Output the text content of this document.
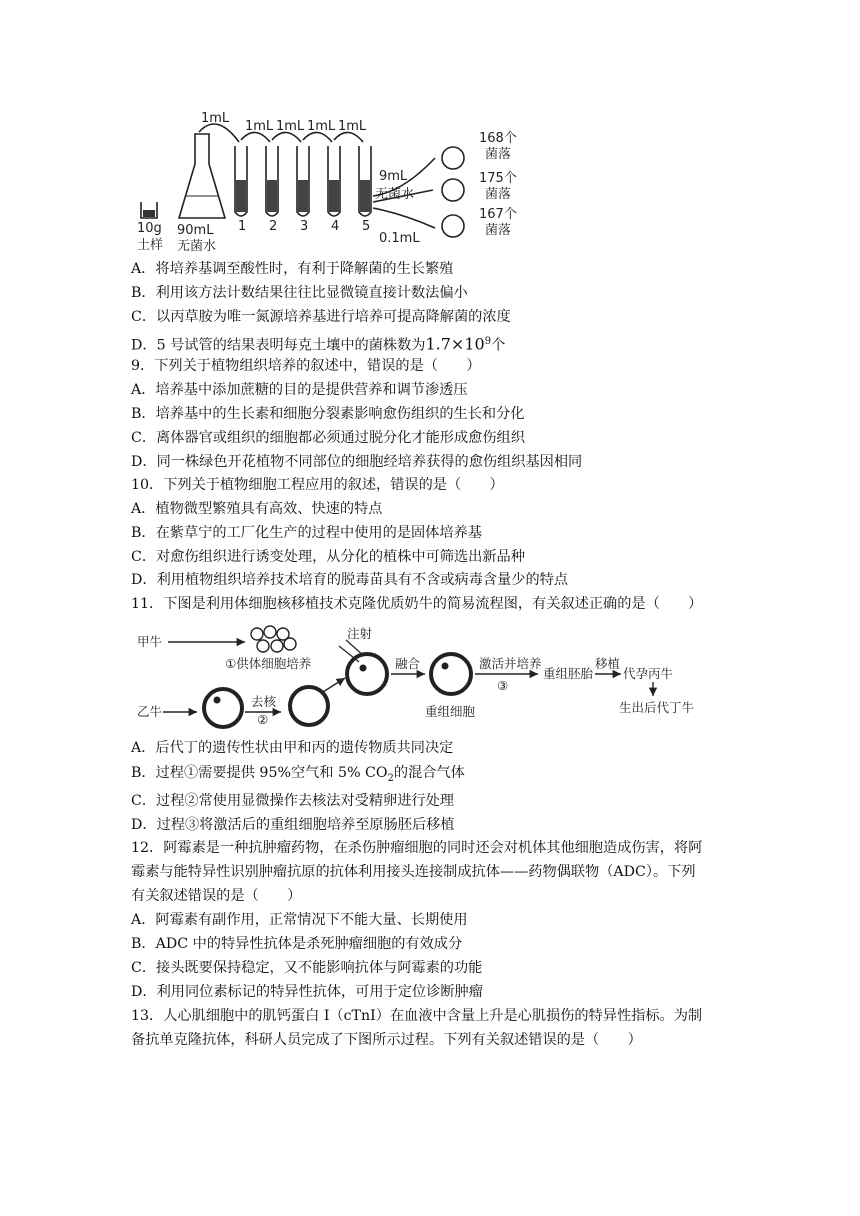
1mL
1mL 1mL 1mL 1mL
10g
土样
90mL
无菌水
1 2 3 4 5
9mL
无菌水
0.1mL
168个
菌落
175个
菌落
167个
菌落
A．将培养基调至酸性时，有利于降解菌的生长繁殖
B．利用该方法计数结果往往比显微镜直接计数法偏小
C．以丙草胺为唯一氮源培养基进行培养可提高降解菌的浓度
D．5 号试管的结果表明每克土壤中的菌株数为$1.7\times 10^9$个
9．下列关于植物组织培养的叙述中，错误的是（　　）
A．培养基中添加蔗糖的目的是提供营养和调节渗透压
B．培养基中的生长素和细胞分裂素影响愈伤组织的生长和分化
C．离体器官或组织的细胞都必须通过脱分化才能形成愈伤组织
D．同一株绿色开花植物不同部位的细胞经培养获得的愈伤组织基因相同
10．下列关于植物细胞工程应用的叙述，错误的是（　　）
A．植物微型繁殖具有高效、快速的特点
B．在紫草宁的工厂化生产的过程中使用的是固体培养基
C．对愈伤组织进行诱变处理，从分化的植株中可筛选出新品种
D．利用植物组织培养技术培育的脱毒苗具有不含或病毒含量少的特点
11．下图是利用体细胞核移植技术克隆优质奶牛的简易流程图，有关叙述正确的是（　　）
甲牛
①供体细胞培养
乙牛
去核
②
注射
融合
重组细胞
激活并培养
③
重组胚胎
移植
代孕丙牛
生出后代丁牛
A．后代丁的遗传性状由甲和丙的遗传物质共同决定
B．过程①需要提供 95%空气和 5% $CO_2$的混合气体
C．过程②常使用显微操作去核法对受精卵进行处理
D．过程③将激活后的重组细胞培养至原肠胚后移植
12．阿霉素是一种抗肿瘤药物，在杀伤肿瘤细胞的同时还会对机体其他细胞造成伤害，将阿
霉素与能特异性识别肿瘤抗原的抗体利用接头连接制成抗体——药物偶联物（ADC）。下列
有关叙述错误的是（　　）
A．阿霉素有副作用，正常情况下不能大量、长期使用
B．ADC 中的特异性抗体是杀死肿瘤细胞的有效成分
C．接头既要保持稳定，又不能影响抗体与阿霉素的功能
D．利用同位素标记的特异性抗体，可用于定位诊断肿瘤
13．人心肌细胞中的肌钙蛋白 I（cTnI）在血液中含量上升是心肌损伤的特异性指标。为制
备抗单克隆抗体，科研人员完成了下图所示过程。下列有关叙述错误的是（　　）
